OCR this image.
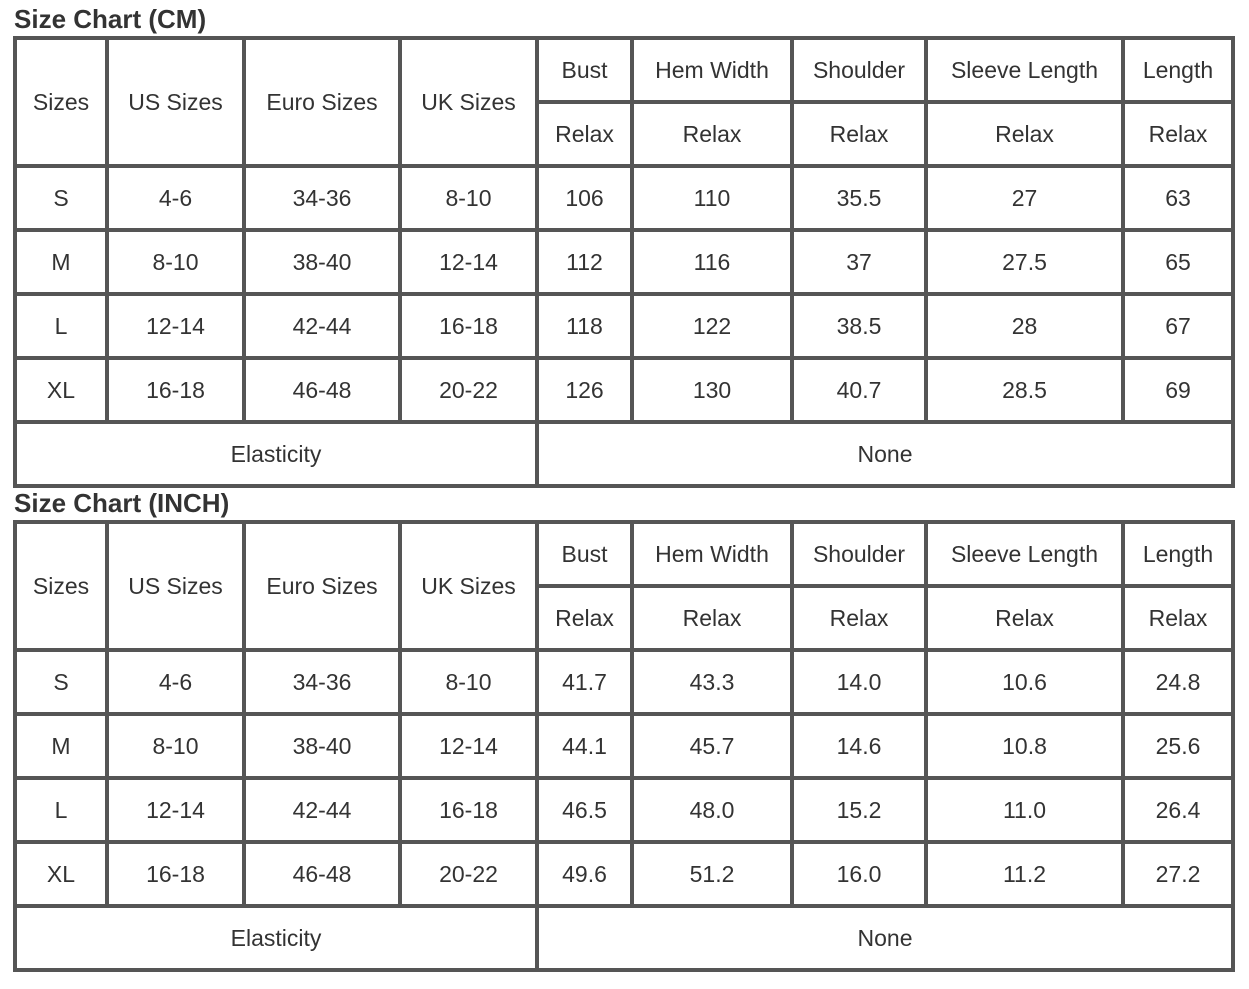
Size Chart (CM)
Sizes	US Sizes	Euro Sizes	UK Sizes	Bust	Hem Width	Shoulder	Sleeve Length	Length
				Relax	Relax	Relax	Relax	Relax
S	4-6	34-36	8-10	106	110	35.5	27	63
M	8-10	38-40	12-14	112	116	37	27.5	65
L	12-14	42-44	16-18	118	122	38.5	28	67
XL	16-18	46-48	20-22	126	130	40.7	28.5	69
Elasticity				None				
Size Chart (INCH)
Sizes	US Sizes	Euro Sizes	UK Sizes	Bust	Hem Width	Shoulder	Sleeve Length	Length
				Relax	Relax	Relax	Relax	Relax
S	4-6	34-36	8-10	41.7	43.3	14.0	10.6	24.8
M	8-10	38-40	12-14	44.1	45.7	14.6	10.8	25.6
L	12-14	42-44	16-18	46.5	48.0	15.2	11.0	26.4
XL	16-18	46-48	20-22	49.6	51.2	16.0	11.2	27.2
Elasticity				None				
